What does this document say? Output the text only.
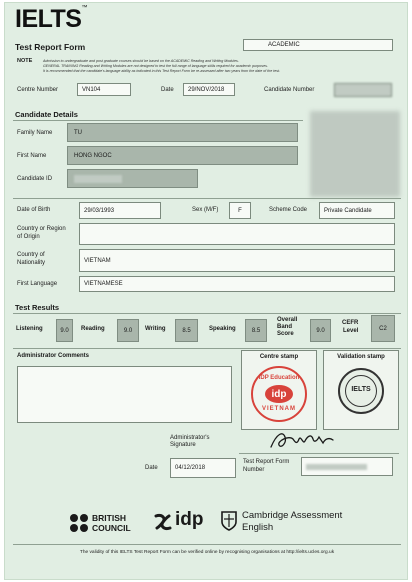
IELTS™
Test Report Form	ACADEMIC
NOTE	Admission to undergraduate and post graduate courses should be based on the ACADEMIC Reading and Writing Modules.
GENERAL TRAINING Reading and Writing Modules are not designed to test the full range of language skills required for academic purposes.
It is recommended that the candidate's language ability as indicated in this Test Report Form be re-assessed after two years from the date of the test.
Centre Number	VN104	Date 29/NOV/2018	Candidate Number	016001
Candidate Details
Family Name	TU
First Name	HONG NGOC
Candidate ID	079196000000
Date of Birth	29/03/1993	Sex (M/F)	F	Scheme Code	Private Candidate
Country or Region
of Origin
Country of
Nationality	VIETNAM
First Language	VIETNAMESE
Test Results
Listening	9.0 Reading	9.0 Writing	8.5	Speaking	8.5
Overall
Band
Score
9.0
CEFR
Level	C2
Administrator Comments	Centre stamp
IDP Education
idp
VIETNAM
Validation stamp
IELTS
Administrator's
Signature
Date	04/12/2018
Test Report Form
Number
18VN016001TUH104A
BRITISH
COUNCIL idp	Cambridge Assessment
English
The validity of this IELTS Test Report Form can be verified online by recognising organisations at http://ielts.ucles.org.uk
